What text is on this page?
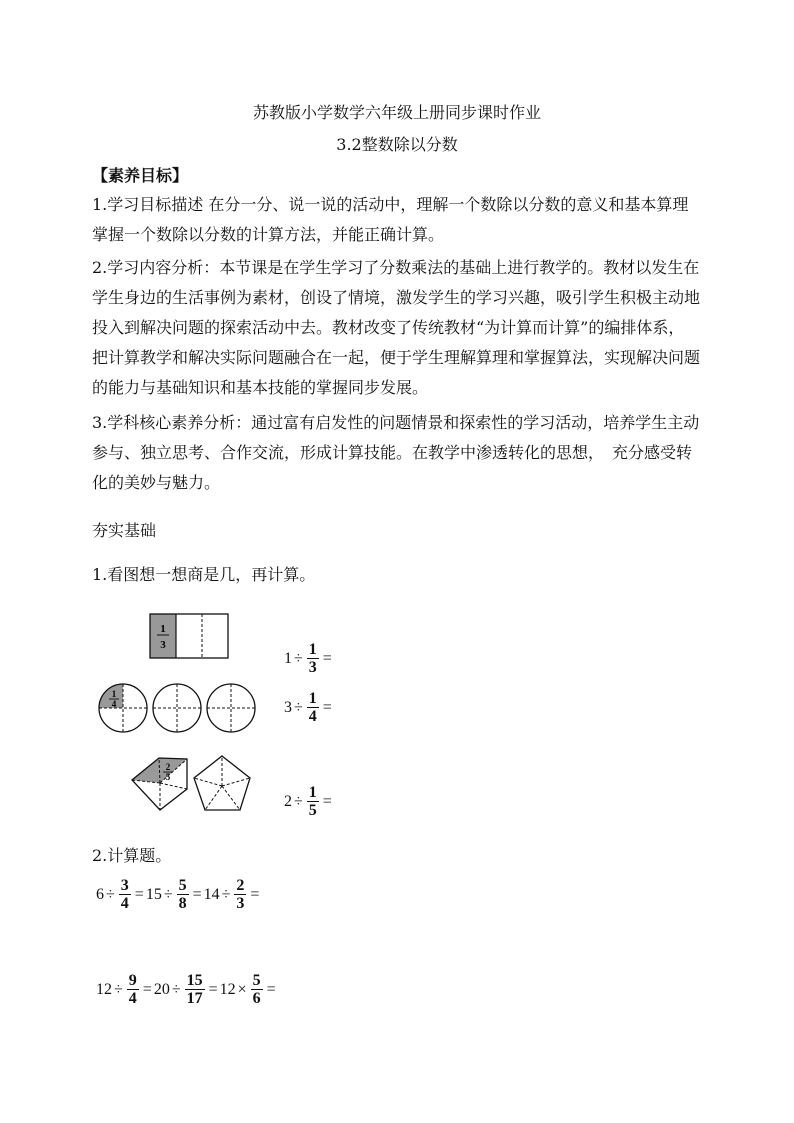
苏教版小学数学六年级上册同步课时作业
3.2整数除以分数
【素养目标】
1.学习目标描述 在分一分、说一说的活动中，理解一个数除以分数的意义和基本算理
掌握一个数除以分数的计算方法，并能正确计算。
2.学习内容分析：本节课是在学生学习了分数乘法的基础上进行教学的。教材以发生在
学生身边的生活事例为素材，创设了情境，激发学生的学习兴趣，吸引学生积极主动地
投入到解决问题的探索活动中去。教材改变了传统教材“为计算而计算”的编排体系，
把计算教学和解决实际问题融合在一起，便于学生理解算理和掌握算法，实现解决问题
的能力与基础知识和基本技能的掌握同步发展。
3.学科核心素养分析：通过富有启发性的问题情景和探索性的学习活动，培养学生主动
参与、独立思考、合作交流，形成计算技能。在教学中渗透转化的思想，　充分感受转
化的美妙与魅力。
夯实基础
1.看图想一想商是几，再计算。
1
3
1
4
2
5
$1 \div \frac{1}{3}$ =
$3 \div \frac{1}{4}$ =
$2 \div \frac{1}{5}$ =
2.计算题。
$6 \div \frac{3}{4} = 15 \div \frac{5}{8} = 14 \div \frac{2}{3}$ =
$12 \div \frac{9}{4} = 20 \div \frac{15}{17} = 12 \times \frac{5}{6}$ =
